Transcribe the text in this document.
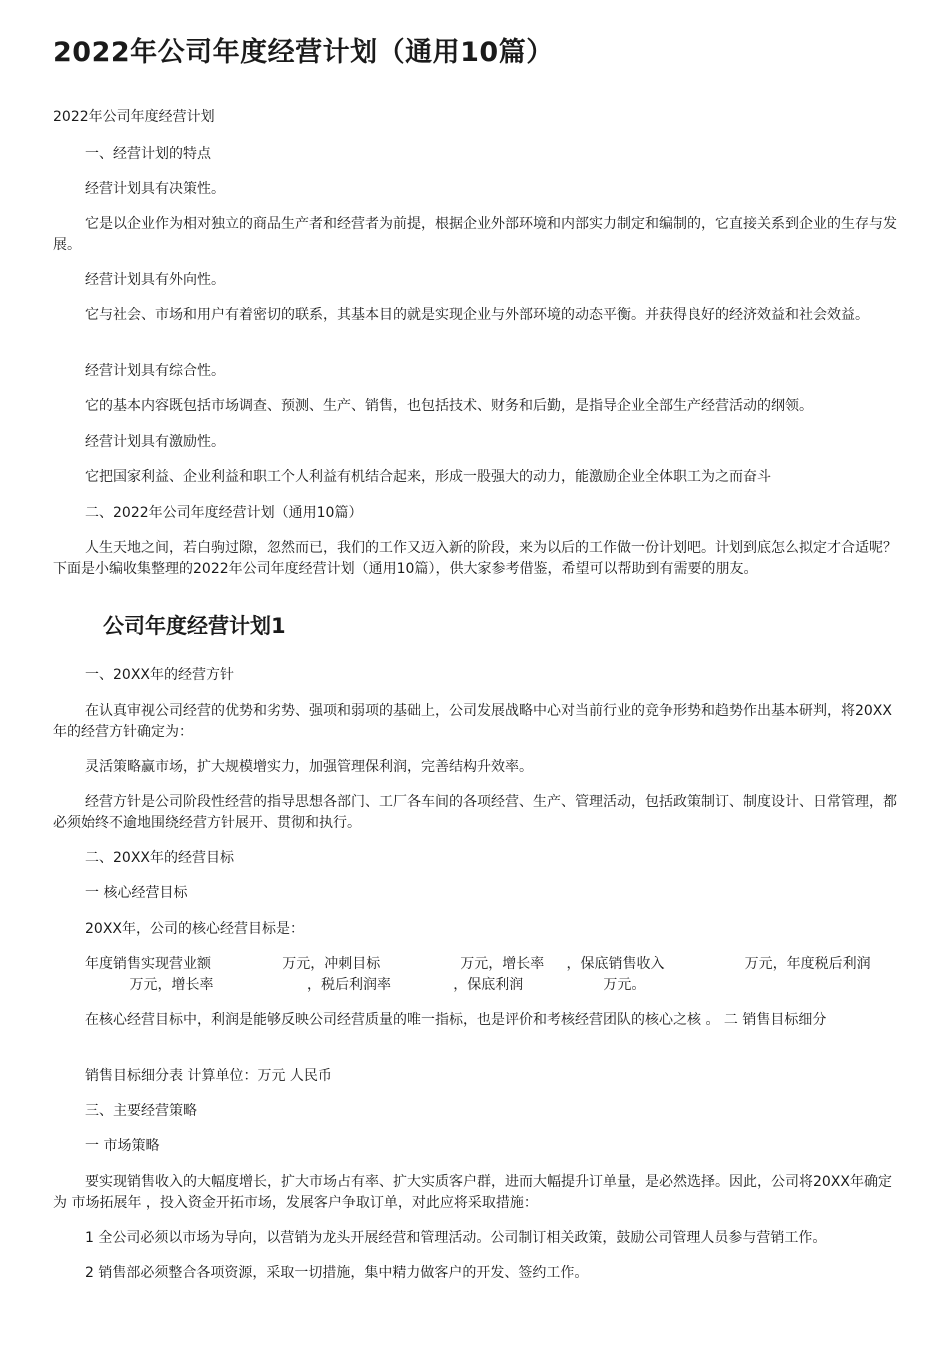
2022年公司年度经营计划（通用10篇）

2022年公司年度经营计划

一、经营计划的特点

经营计划具有决策性。

它是以企业作为相对独立的商品生产者和经营者为前提，根据企业外部环境和内部实力制定和编制的，它直接关系到企业的生存与发展。

经营计划具有外向性。

它与社会、市场和用户有着密切的联系，其基本目的就是实现企业与外部环境的动态平衡。并获得良好的经济效益和社会效益。

经营计划具有综合性。

它的基本内容既包括市场调查、预测、生产、销售，也包括技术、财务和后勤，是指导企业全部生产经营活动的纲领。

经营计划具有激励性。

它把国家利益、企业利益和职工个人利益有机结合起来，形成一股强大的动力，能激励企业全体职工为之而奋斗

二、2022年公司年度经营计划（通用10篇）

人生天地之间，若白驹过隙，忽然而已，我们的工作又迈入新的阶段，来为以后的工作做一份计划吧。计划到底怎么拟定才合适呢？下面是小编收集整理的2022年公司年度经营计划（通用10篇），供大家参考借鉴，希望可以帮助到有需要的朋友。

公司年度经营计划1

一、20XX年的经营方针

在认真审视公司经营的优势和劣势、强项和弱项的基础上，公司发展战略中心对当前行业的竞争形势和趋势作出基本研判，将20XX年的经营方针确定为：

灵活策略赢市场，扩大规模增实力，加强管理保利润，完善结构升效率。

经营方针是公司阶段性经营的指导思想各部门、工厂各车间的各项经营、生产、管理活动，包括政策制订、制度设计、日常管理，都必须始终不逾地围绕经营方针展开、贯彻和执行。

二、20XX年的经营目标

一 核心经营目标

20XX年，公司的核心经营目标是：

年度销售实现营业额                万元，冲刺目标                  万元，增长率     ，保底销售收入                  万元，年度税后利润
万元，增长率                     ，税后利润率              ，保底利润                  万元。

在核心经营目标中，利润是能够反映公司经营质量的唯一指标，也是评价和考核经营团队的核心之核 。 二 销售目标细分

销售目标细分表 计算单位：万元 人民币

三、主要经营策略

一 市场策略

要实现销售收入的大幅度增长，扩大市场占有率、扩大实质客户群，进而大幅提升订单量，是必然选择。因此，公司将20XX年确定为 市场拓展年 ，投入资金开拓市场，发展客户争取订单，对此应将采取措施：

1 全公司必须以市场为导向，以营销为龙头开展经营和管理活动。公司制订相关政策，鼓励公司管理人员参与营销工作。

2 销售部必须整合各项资源，采取一切措施，集中精力做客户的开发、签约工作。
